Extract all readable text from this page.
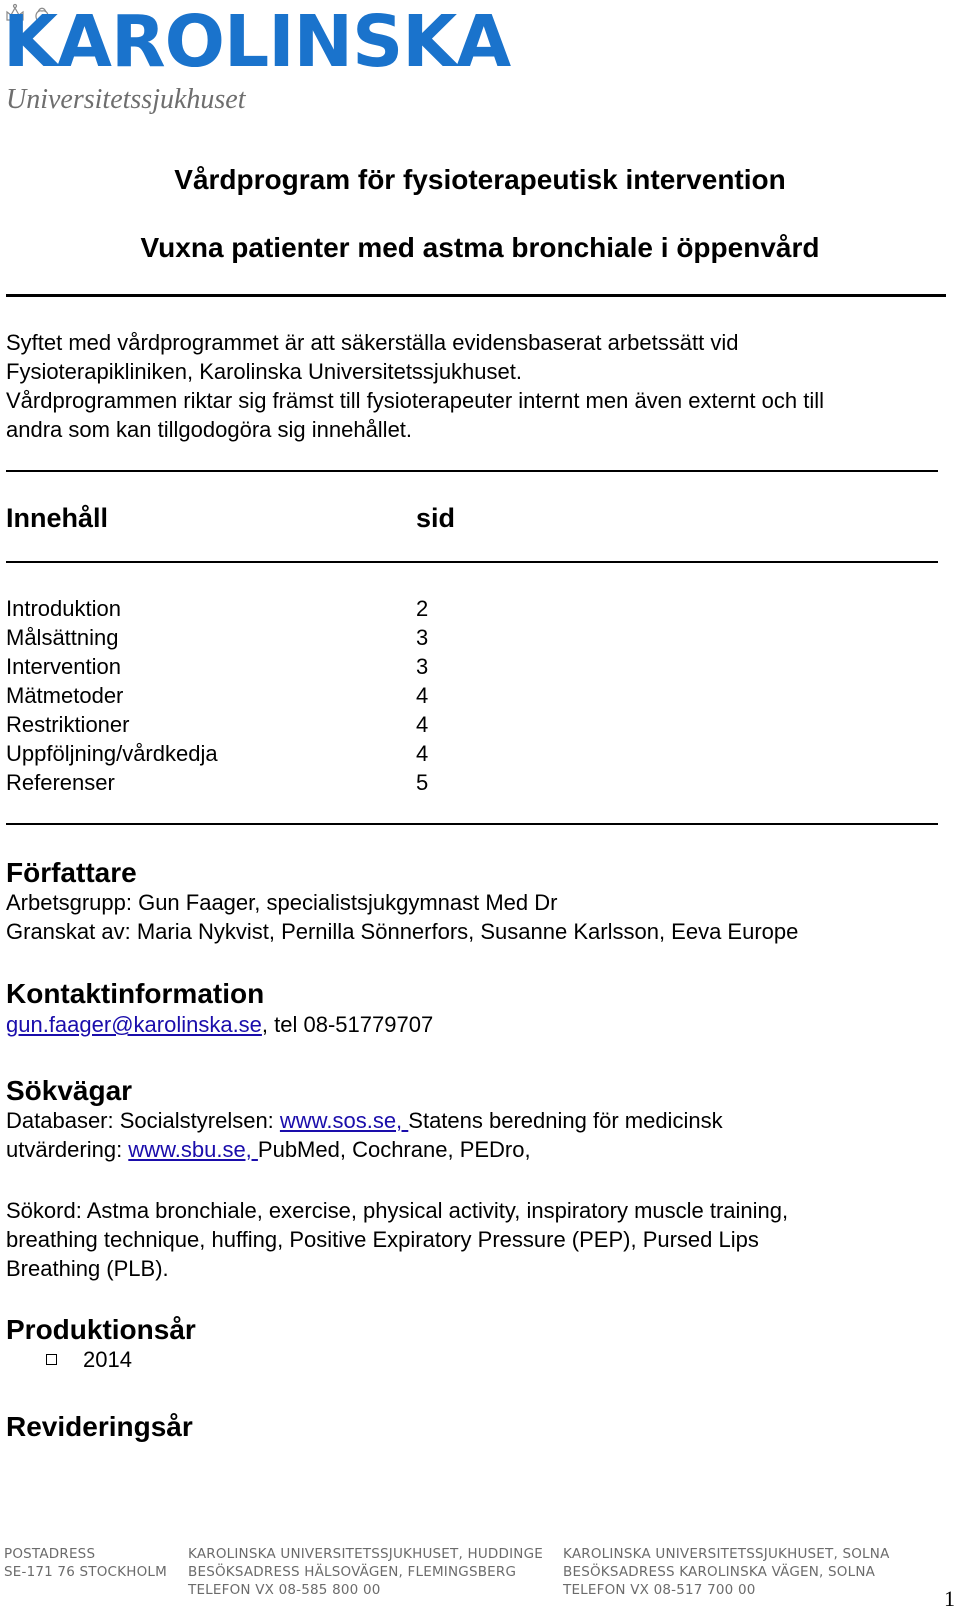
KAROLINSKA
Universitetssjukhuset
Vårdprogram för fysioterapeutisk intervention
Vuxna patienter med astma bronchiale i öppenvård
Syftet med vårdprogrammet är att säkerställa evidensbaserat arbetssätt vid
Fysioterapikliniken, Karolinska Universitetssjukhuset.
Vårdprogrammen riktar sig främst till fysioterapeuter internt men även externt och till
andra som kan tillgodogöra sig innehållet.
Innehåll	sid
Introduktion	2
Målsättning	3
Intervention	3
Mätmetoder	4
Restriktioner	4
Uppföljning/vårdkedja	4
Referenser	5
Författare
Arbetsgrupp: Gun Faager, specialistsjukgymnast Med Dr
Granskat av: Maria Nykvist, Pernilla Sönnerfors, Susanne Karlsson, Eeva Europe
Kontaktinformation
gun.faager@karolinska.se, tel 08-51779707
Sökvägar
Databaser: Socialstyrelsen: www.sos.se, Statens beredning för medicinsk
utvärdering: www.sbu.se, PubMed, Cochrane, PEDro,
Sökord: Astma bronchiale, exercise, physical activity, inspiratory muscle training,
breathing technique, huffing, Positive Expiratory Pressure (PEP), Pursed Lips
Breathing (PLB).
Produktionsår
2014
Revideringsår
POSTADRESS
SE-171 76 STOCKHOLM
KAROLINSKA UNIVERSITETSSJUKHUSET, HUDDINGE
BESÖKSADRESS HÄLSOVÄGEN, FLEMINGSBERG
TELEFON VX 08-585 800 00
KAROLINSKA UNIVERSITETSSJUKHUSET, SOLNA
BESÖKSADRESS KAROLINSKA VÄGEN, SOLNA
TELEFON VX 08-517 700 00	1
